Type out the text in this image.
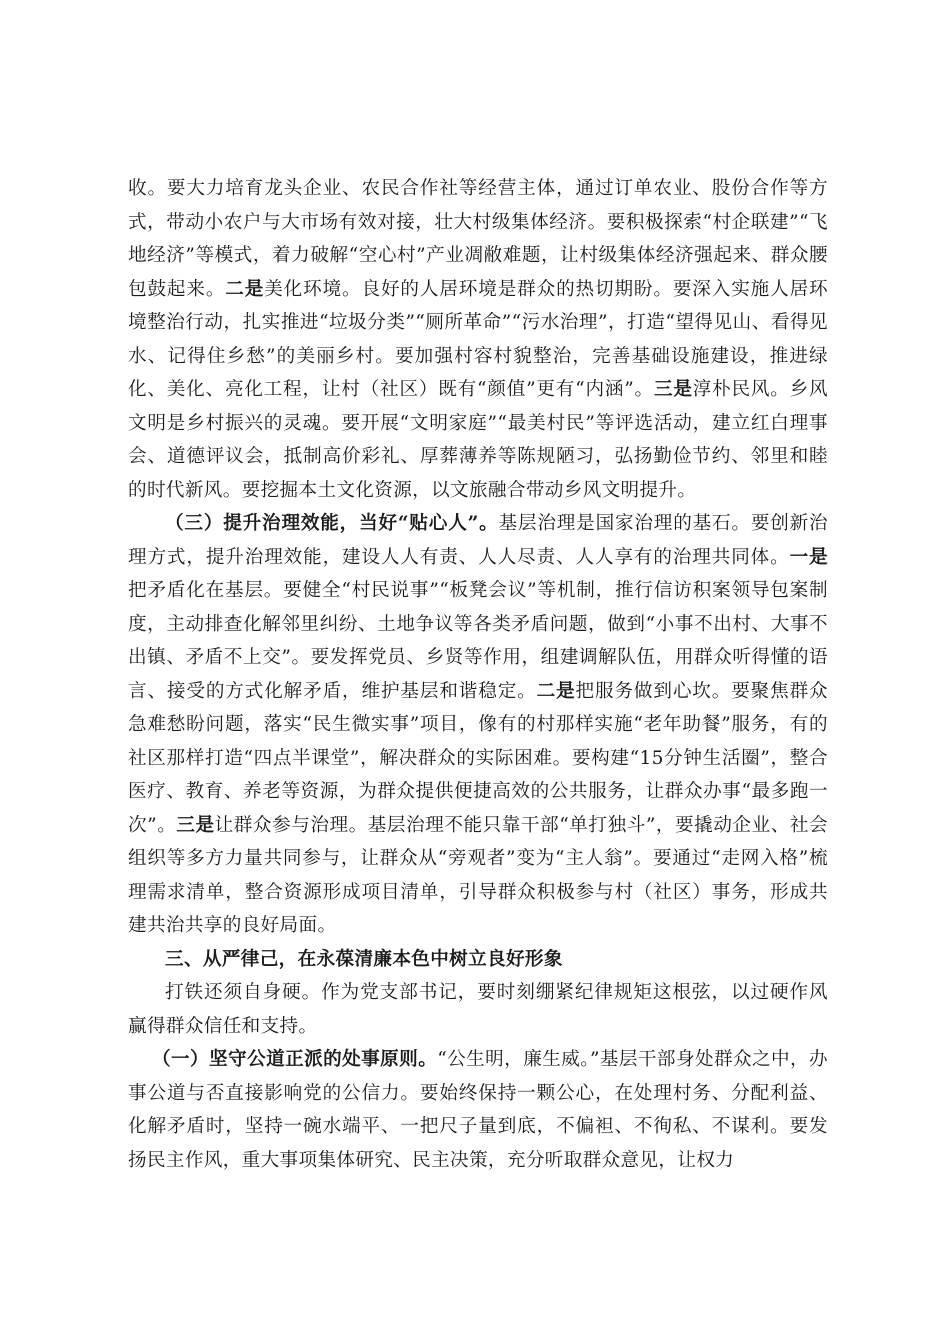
收。要大力培育龙头企业、农民合作社等经营主体，通过订单农业、股份合作等方式，带动小农户与大市场有效对接，壮大村级集体经济。要积极探索“村企联建”“飞地经济”等模式，着力破解“空心村”产业凋敝难题，让村级集体经济强起来、群众腰包鼓起来。二是美化环境。良好的人居环境是群众的热切期盼。要深入实施人居环境整治行动，扎实推进“垃圾分类”“厕所革命”“污水治理”，打造“望得见山、看得见水、记得住乡愁”的美丽乡村。要加强村容村貌整治，完善基础设施建设，推进绿化、美化、亮化工程，让村（社区）既有“颜值”更有“内涵”。三是淳朴民风。乡风文明是乡村振兴的灵魂。要开展“文明家庭”“最美村民”等评选活动，建立红白理事会、道德评议会，抵制高价彩礼、厚葬薄养等陈规陋习，弘扬勤俭节约、邻里和睦的时代新风。要挖掘本土文化资源，以文旅融合带动乡风文明提升。

（三）提升治理效能，当好“贴心人”。基层治理是国家治理的基石。要创新治理方式，提升治理效能，建设人人有责、人人尽责、人人享有的治理共同体。一是把矛盾化在基层。要健全“村民说事”“板凳会议”等机制，推行信访积案领导包案制度，主动排查化解邻里纠纷、土地争议等各类矛盾问题，做到“小事不出村、大事不出镇、矛盾不上交”。要发挥党员、乡贤等作用，组建调解队伍，用群众听得懂的语言、接受的方式化解矛盾，维护基层和谐稳定。二是把服务做到心坎。要聚焦群众急难愁盼问题，落实“民生微实事”项目，像有的村那样实施“老年助餐”服务，有的社区那样打造“四点半课堂”，解决群众的实际困难。要构建“15分钟生活圈”，整合医疗、教育、养老等资源，为群众提供便捷高效的公共服务，让群众办事“最多跑一次”。三是让群众参与治理。基层治理不能只靠干部“单打独斗”，要撬动企业、社会组织等多方力量共同参与，让群众从“旁观者”变为“主人翁”。要通过“走网入格”梳理需求清单，整合资源形成项目清单，引导群众积极参与村（社区）事务，形成共建共治共享的良好局面。

三、从严律己，在永葆清廉本色中树立良好形象

打铁还须自身硬。作为党支部书记，要时刻绷紧纪律规矩这根弦，以过硬作风赢得群众信任和支持。

（一）坚守公道正派的处事原则。“公生明，廉生威。”基层干部身处群众之中，办事公道与否直接影响党的公信力。要始终保持一颗公心，在处理村务、分配利益、化解矛盾时，坚持一碗水端平、一把尺子量到底，不偏袒、不徇私、不谋利。要发扬民主作风，重大事项集体研究、民主决策，充分听取群众意见，让权力
